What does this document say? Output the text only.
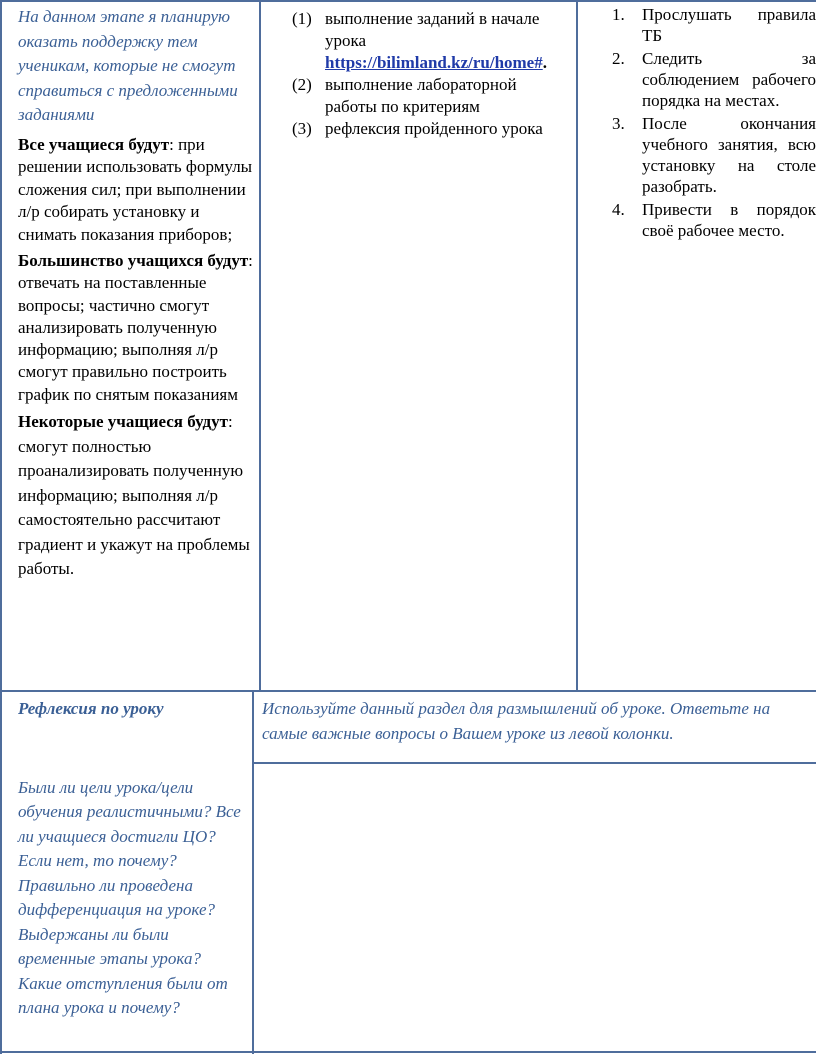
На данном этапе я планирую оказать поддержку тем ученикам, которые не смогут справиться с предложенными заданиями

Все учащиеся будут: при решении использовать формулы сложения сил; при выполнении л/р собирать установку и снимать показания приборов;

Большинство учащихся будут: отвечать на поставленные вопросы; частично смогут анализировать полученную информацию; выполняя л/р смогут правильно построить график по снятым показаниям

Некоторые учащиеся будут: смогут полностью проанализировать полученную информацию; выполняя л/р самостоятельно рассчитают градиент и укажут на проблемы работы.

(1) выполнение заданий в начале урока https://bilimland.kz/ru/home#.
(2) выполнение лабораторной работы по критериям
(3) рефлексия пройденного урока
1. Прослушать правила ТБ
2. Следить за соблюдением рабочего порядка на местах.
3. После окончания учебного занятия, всю установку на столе разобрать.
4. Привести в порядок своё рабочее место.
Рефлексия по уроку
Были ли цели урока/цели обучения реалистичными? Все ли учащиеся достигли ЦО? Если нет, то почему? Правильно ли проведена дифференциация на уроке? Выдержаны ли были временные этапы урока? Какие отступления были от плана урока и почему?
Используйте данный раздел для размышлений об уроке. Ответьте на самые важные вопросы о Вашем уроке из левой колонки.
